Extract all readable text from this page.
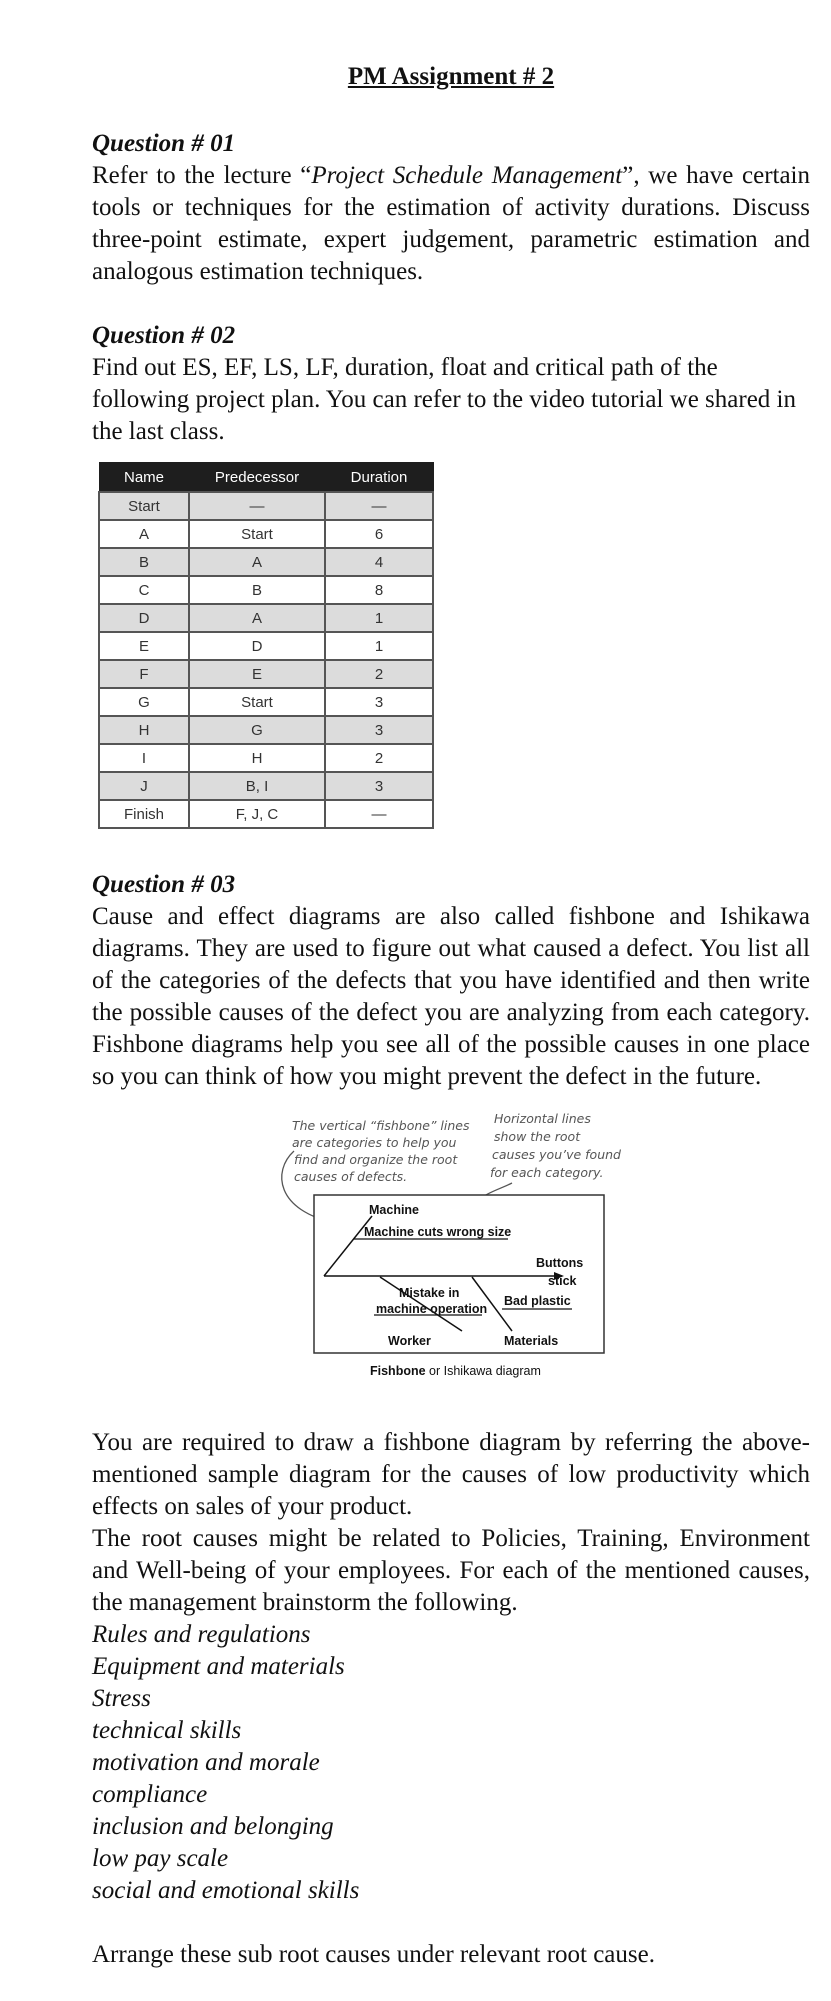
PM Assignment # 2

Question # 01

Refer to the lecture “Project Schedule Management”, we have certain tools or techniques for the estimation of activity durations. Discuss three-point estimate, expert judgement, parametric estimation and analogous estimation techniques.

Question # 02

Find out ES, EF, LS, LF, duration, float and critical path of the following project plan. You can refer to the video tutorial we shared in the last class.

Name	Predecessor	Duration
Start	—	—
A	Start	6
B	A	4
C	B	8
D	A	1
E	D	1
F	E	2
G	Start	3
H	G	3
I	H	2
J	B, I	3
Finish	F, J, C	—

Question # 03

Cause and effect diagrams are also called fishbone and Ishikawa diagrams. They are used to figure out what caused a defect. You list all of the categories of the defects that you have identified and then write the possible causes of the defect you are analyzing from each category. Fishbone diagrams help you see all of the possible causes in one place so you can think of how you might prevent the defect in the future.

The vertical “fishbone” lines
are categories to help you
find and organize the root
causes of defects.
Horizontal lines
show the root
causes you’ve found
for each category.
Machine
Machine cuts wrong size
Buttons
stick
Mistake in
machine operation
Bad plastic
Worker	Materials
Fishbone or Ishikawa diagram

You are required to draw a fishbone diagram by referring the above-mentioned sample diagram for the causes of low productivity which effects on sales of your product.

The root causes might be related to Policies, Training, Environment and Well-being of your employees. For each of the mentioned causes, the management brainstorm the following.

Rules and regulations

Equipment and materials

Stress

technical skills

motivation and morale

compliance

inclusion and belonging

low pay scale

social and emotional skills

Arrange these sub root causes under relevant root cause.
